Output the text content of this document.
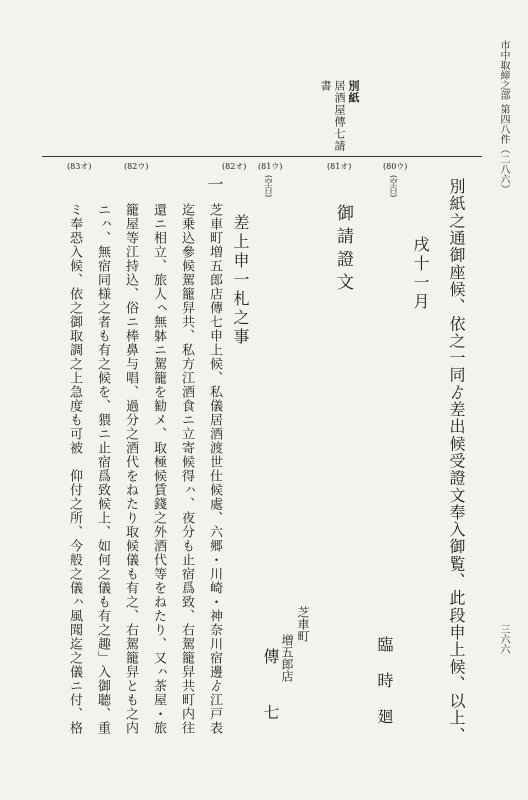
市中取締之部
第四八件（二八六）
三六六
別紙
居酒屋傳七請
書
(80ウ)
(空白)
(81オ)
(81ウ)
(空白)
(82オ)
(82ウ)
(83オ)
別紙之通御座候、依之一同ゟ差出候受證文奉入御覧、此段申上候、以上、
戌十一月
臨時廻
御請證文
芝車町
増五郎店
傳
七
差上申一札之事
一
芝車町増五郎店傳七申上候、私儀居酒渡世仕候處、六郷・川崎・神奈川宿邊ゟ江戸表
迄乗込參候駕籠舁共、私方江酒食ニ立寄候得ㇵ、夜分も止宿爲致、右駕籠舁共町内往
還ニ相立、旅人ㇸ無躰ニ駕籠を勧メ、取極候賃錢之外酒代等をねたり、又ㇵ茶屋・旅
籠屋等江持込、俗ニ棒鼻与唱、過分之酒代をねたり取候儀も有之、右駕籠舁とも之内
ニㇵ、無宿同様之者も有之候を、猥ニ止宿爲致候上、如何之儀も有之趣」入御聴、重
ミ奉恐入候、依之御取調之上急度も可被　仰付之所、今般之儀ㇵ風聞迄之儀ニ付、格
